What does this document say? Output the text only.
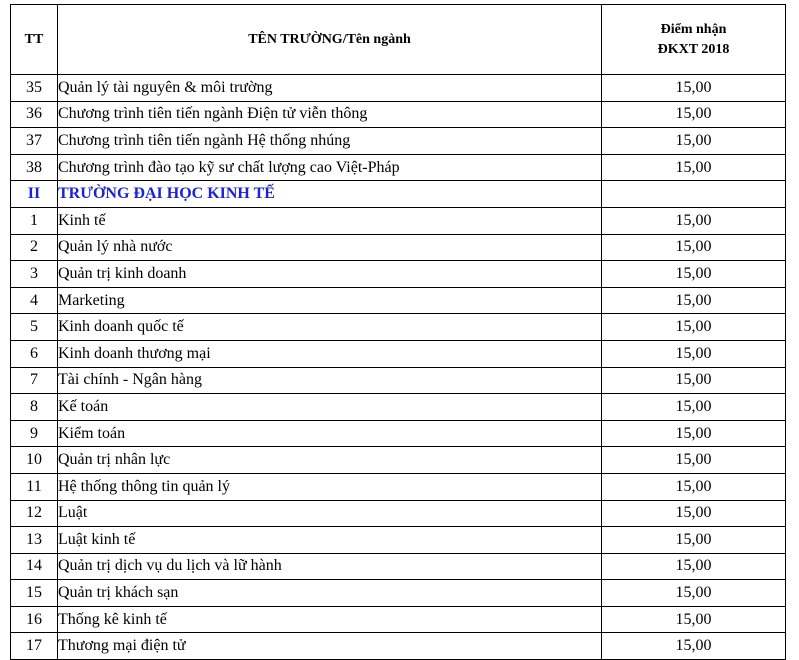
TT	TÊN TRƯỜNG/Tên ngành	Điểm nhận
ĐKXT 2018

35	Quản lý tài nguyên & môi trường	15,00
36	Chương trình tiên tiến ngành Điện tử viễn thông	15,00
37	Chương trình tiên tiến ngành Hệ thống nhúng	15,00
38	Chương trình đào tạo kỹ sư chất lượng cao Việt-Pháp	15,00
II	TRƯỜNG ĐẠI HỌC KINH TẾ	
1	Kinh tế	15,00
2	Quản lý nhà nước	15,00
3	Quản trị kinh doanh	15,00
4	Marketing	15,00
5	Kinh doanh quốc tế	15,00
6	Kinh doanh thương mại	15,00
7	Tài chính - Ngân hàng	15,00
8	Kế toán	15,00
9	Kiểm toán	15,00
10	Quản trị nhân lực	15,00
11	Hệ thống thông tin quản lý	15,00
12	Luật	15,00
13	Luật kinh tế	15,00
14	Quản trị dịch vụ du lịch và lữ hành	15,00
15	Quản trị khách sạn	15,00
16	Thống kê kinh tế	15,00
17	Thương mại điện tử	15,00
